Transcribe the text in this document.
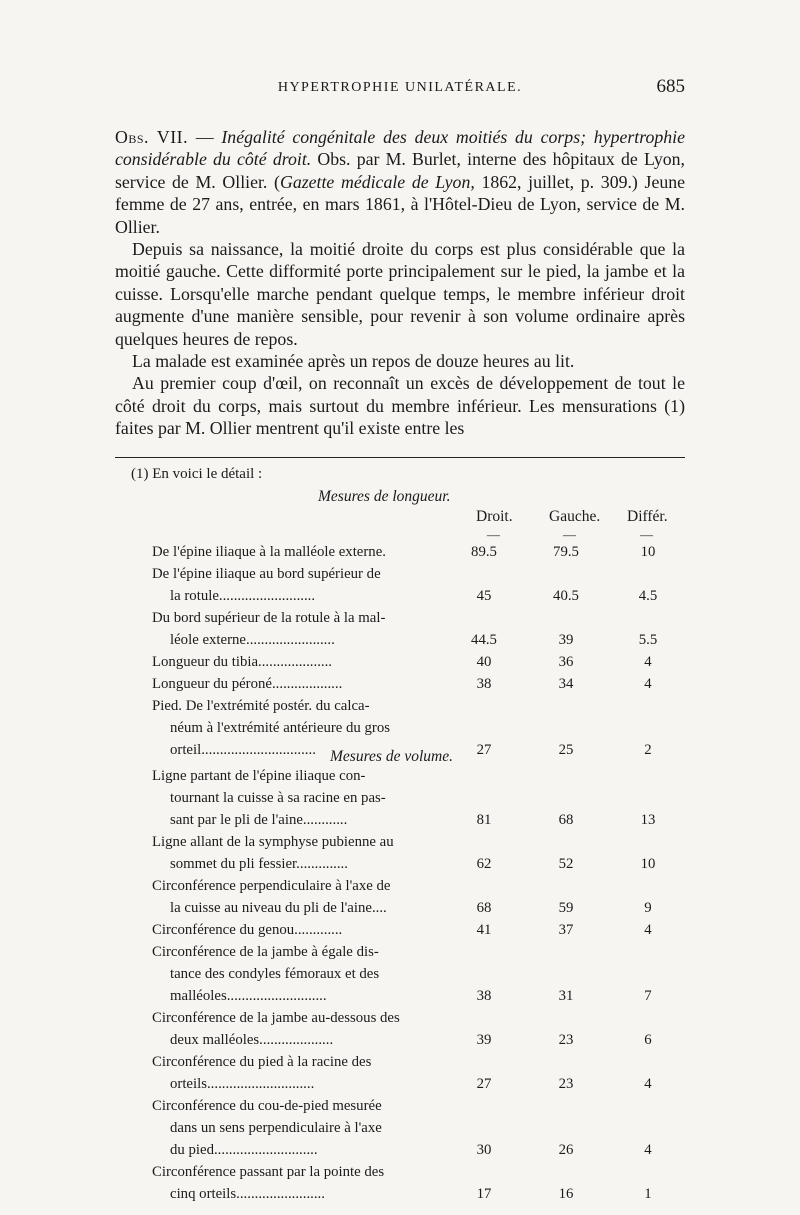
HYPERTROPHIE UNILATÉRALE.	685

Obs. VII. — Inégalité congénitale des deux moitiés du corps; hypertrophie considérable du côté droit. Obs. par M. Burlet, interne des hôpitaux de Lyon, service de M. Ollier. (Gazette médicale de Lyon, 1862, juillet, p. 309.) Jeune femme de 27 ans, entrée, en mars 1861, à l'Hôtel-Dieu de Lyon, service de M. Ollier.

Depuis sa naissance, la moitié droite du corps est plus considérable que la moitié gauche. Cette difformité porte principalement sur le pied, la jambe et la cuisse. Lorsqu'elle marche pendant quelque temps, le membre inférieur droit augmente d'une manière sensible, pour revenir à son volume ordinaire après quelques heures de repos.

La malade est examinée après un repos de douze heures au lit.

Au premier coup d'œil, on reconnaît un excès de développement de tout le côté droit du corps, mais surtout du membre inférieur. Les mensurations (1) faites par M. Ollier mentrent qu'il existe entre les

(1) En voici le détail :
Mesures de longueur.
Droit. Gauche. Différ.
—	—	—
Mesures de volume.
De l'épine iliaque à la malléole externe.	89.5	79.5	10
De l'épine iliaque au bord supérieur de
la rotule..........................	45	40.5	4.5
Du bord supérieur de la rotule à la mal-
léole externe........................	44.5	39	5.5
Longueur du tibia....................	40	36	4
Longueur du péroné...................	38	34	4
Pied. De l'extrémité postér. du calca-
néum à l'extrémité antérieure du gros
orteil...............................	27	25	2
Ligne partant de l'épine iliaque con-
tournant la cuisse à sa racine en pas-
sant par le pli de l'aine............	81	68	13
Ligne allant de la symphyse pubienne au
sommet du pli fessier..............	62	52	10
Circonférence perpendiculaire à l'axe de
la cuisse au niveau du pli de l'aine....	68	59	9
Circonférence du genou.............	41	37	4
Circonférence de la jambe à égale dis-
tance des condyles fémoraux et des
malléoles...........................	38	31	7
Circonférence de la jambe au-dessous des
deux malléoles....................	39	23	6
Circonférence du pied à la racine des
orteils.............................	27	23	4
Circonférence du cou-de-pied mesurée
dans un sens perpendiculaire à l'axe
du pied............................	30	26	4
Circonférence passant par la pointe des
cinq orteils........................	17	16	1
